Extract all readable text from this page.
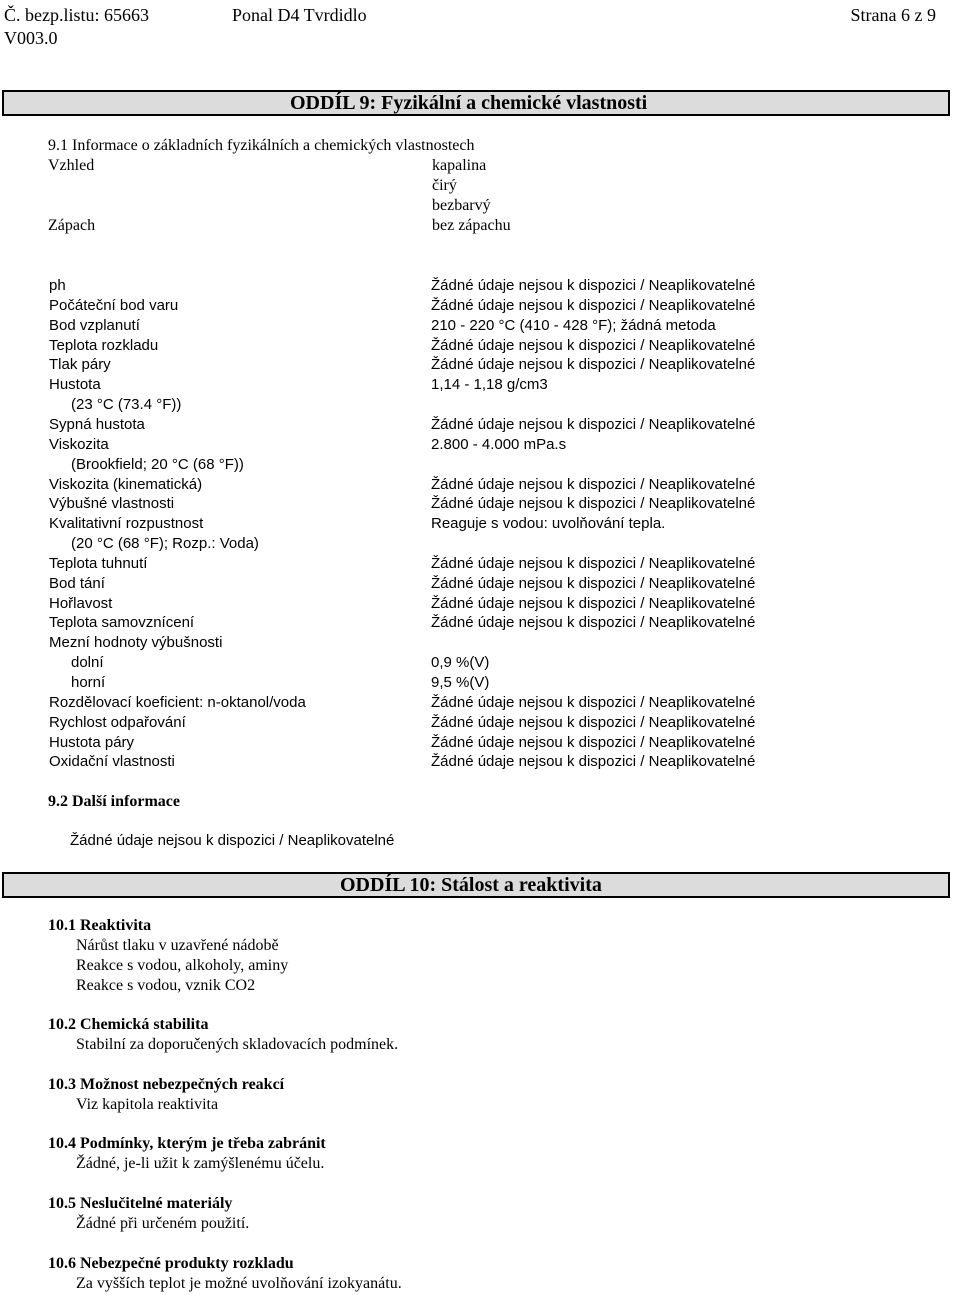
Č. bezp.listu: 65663
V003.0
Ponal D4 Tvrdidlo	Strana 6 z 9
ODDÍL 9: Fyzikální a chemické vlastnosti
9.1 Informace o základních fyzikálních a chemických vlastnostech
Vzhled	kapalina
čirý
bezbarvý
Zápach	bez zápachu
ph	Žádné údaje nejsou k dispozici / Neaplikovatelné
Počáteční bod varu	Žádné údaje nejsou k dispozici / Neaplikovatelné
Bod vzplanutí	210 - 220 °C (410 - 428 °F); žádná metoda
Teplota rozkladu	Žádné údaje nejsou k dispozici / Neaplikovatelné
Tlak páry	Žádné údaje nejsou k dispozici / Neaplikovatelné
Hustota	1,14 - 1,18 g/cm3
(23 °C (73.4 °F))
Sypná hustota	Žádné údaje nejsou k dispozici / Neaplikovatelné
Viskozita	2.800 - 4.000 mPa.s
(Brookfield; 20 °C (68 °F))
Viskozita (kinematická)	Žádné údaje nejsou k dispozici / Neaplikovatelné
Výbušné vlastnosti	Žádné údaje nejsou k dispozici / Neaplikovatelné
Kvalitativní rozpustnost	Reaguje s vodou: uvolňování tepla.
(20 °C (68 °F); Rozp.: Voda)
Teplota tuhnutí	Žádné údaje nejsou k dispozici / Neaplikovatelné
Bod tání	Žádné údaje nejsou k dispozici / Neaplikovatelné
Hořlavost	Žádné údaje nejsou k dispozici / Neaplikovatelné
Teplota samovznícení	Žádné údaje nejsou k dispozici / Neaplikovatelné
Mezní hodnoty výbušnosti
dolní	0,9 %(V)
horní	9,5 %(V)
Rozdělovací koeficient: n-oktanol/voda	Žádné údaje nejsou k dispozici / Neaplikovatelné
Rychlost odpařování	Žádné údaje nejsou k dispozici / Neaplikovatelné
Hustota páry	Žádné údaje nejsou k dispozici / Neaplikovatelné
Oxidační vlastnosti	Žádné údaje nejsou k dispozici / Neaplikovatelné
9.2 Další informace
Žádné údaje nejsou k dispozici / Neaplikovatelné
ODDÍL 10: Stálost a reaktivita
10.1 Reaktivita
Nárůst tlaku v uzavřené nádobě
Reakce s vodou, alkoholy, aminy
Reakce s vodou, vznik CO2
10.2 Chemická stabilita
Stabilní za doporučených skladovacích podmínek.
10.3 Možnost nebezpečných reakcí
Viz kapitola reaktivita
10.4 Podmínky, kterým je třeba zabránit
Žádné, je-li užit k zamýšlenému účelu.
10.5 Neslučitelné materiály
Žádné při určeném použití.
10.6 Nebezpečné produkty rozkladu
Za vyšších teplot je možné uvolňování izokyanátu.
